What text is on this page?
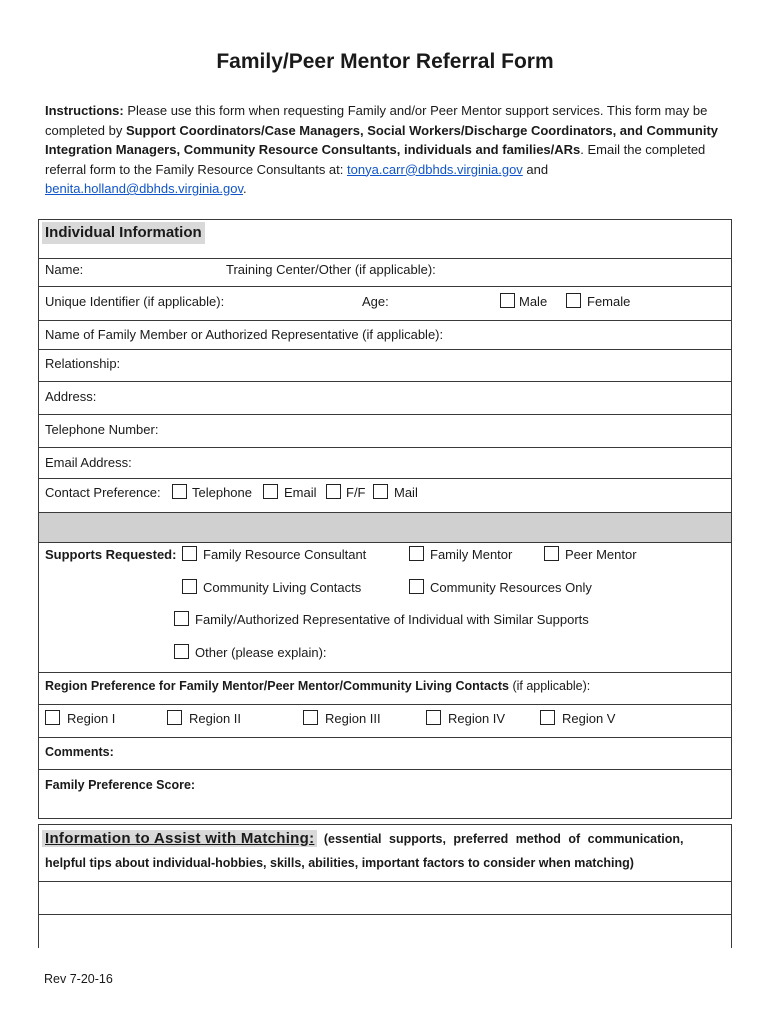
Family/Peer Mentor Referral Form
Instructions: Please use this form when requesting Family and/or Peer Mentor support services. This form may be completed by Support Coordinators/Case Managers, Social Workers/Discharge Coordinators, and Community Integration Managers, Community Resource Consultants, individuals and families/ARs. Email the completed referral form to the Family Resource Consultants at: tonya.carr@dbhds.virginia.gov and benita.holland@dbhds.virginia.gov.
Individual Information
Name:	Training Center/Other (if applicable):
Unique Identifier (if applicable):	Age:	Male	Female
Name of Family Member or Authorized Representative (if applicable):
Relationship:
Address:
Telephone Number:
Email Address:
Contact Preference: Telephone Email F/F Mail
Supports Requested: Family Resource Consultant	Family Mentor	Peer Mentor
Community Living Contacts	Community Resources Only
Family/Authorized Representative of Individual with Similar Supports
Other (please explain):
Region Preference for Family Mentor/Peer Mentor/Community Living Contacts (if applicable):
Region I	Region II	Region III	Region IV	Region V
Comments:
Family Preference Score:
Information to Assist with Matching: (essential supports, preferred method of communication,
helpful tips about individual-hobbies, skills, abilities, important factors to consider when matching)
Rev 7-20-16
